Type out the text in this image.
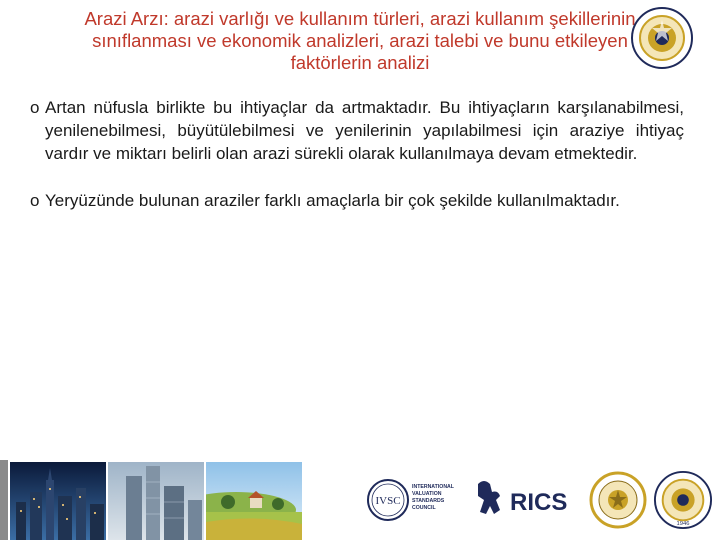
Arazi Arzı: arazi varlığı ve kullanım türleri, arazi kullanım şekillerinin
sınıflanması ve ekonomik analizleri, arazi talebi ve bunu etkileyen
faktörlerin analizi
o Artan nüfusla birlikte bu ihtiyaçlar da artmaktadır. Bu ihtiyaçların karşılanabilmesi, yenilenebilmesi, büyütülebilmesi ve yenilerinin yapılabilmesi için araziye ihtiyaç vardır ve miktarı belirli olan arazi sürekli olarak kullanılmaya devam etmektedir.
o Yeryüzünde bulunan araziler farklı amaçlarla bir çok şekilde kullanılmaktadır.
IVSC
INTERNATIONAL VALUATION STANDARDS COUNCIL	RICS
1946
